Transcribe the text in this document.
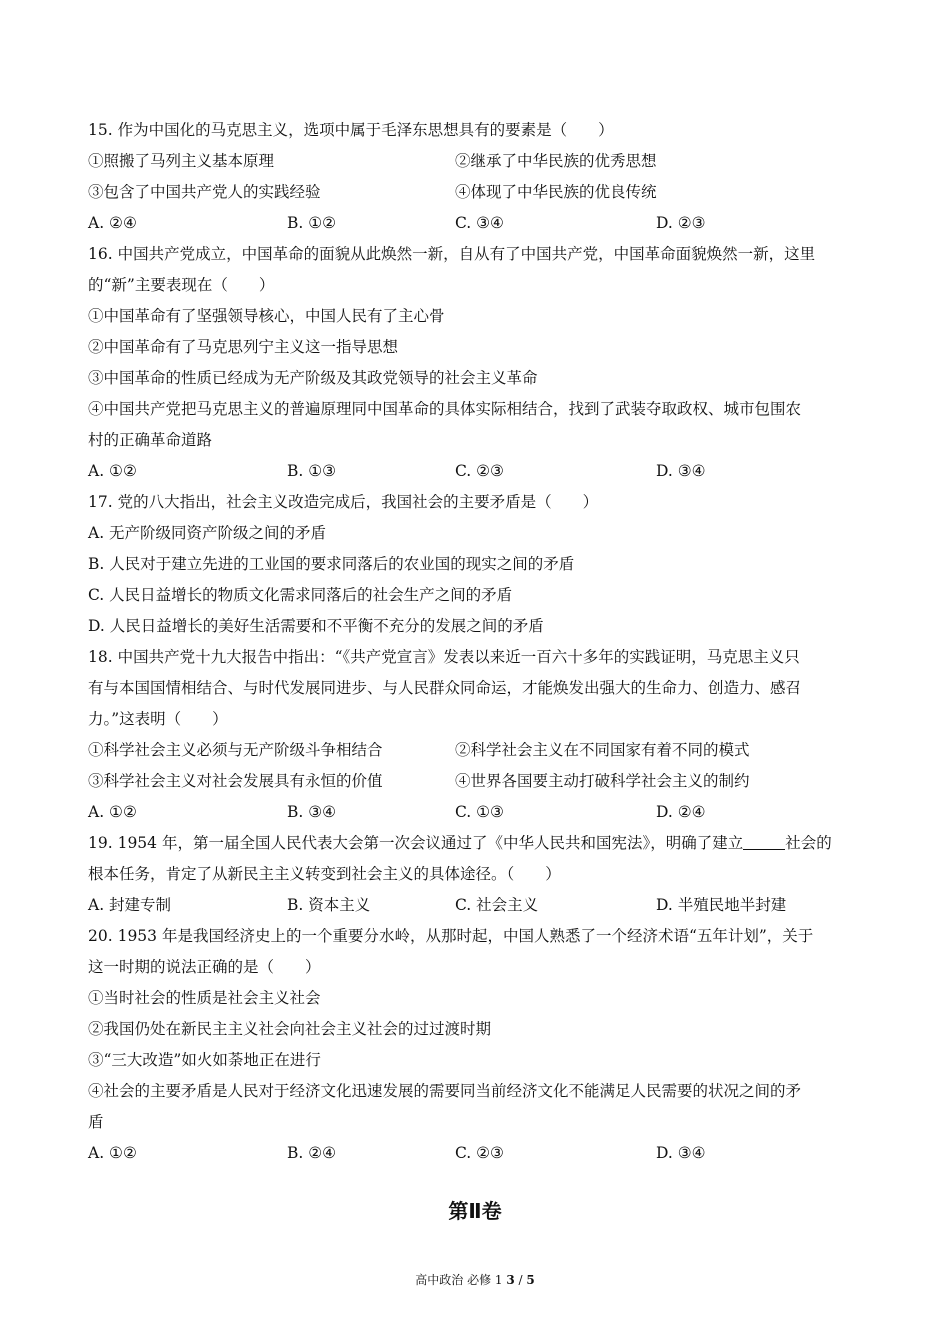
15. 作为中国化的马克思主义，选项中属于毛泽东思想具有的要素是（　　）
①照搬了马列主义基本原理	②继承了中华民族的优秀思想
③包含了中国共产党人的实践经验	④体现了中华民族的优良传统
A. ②④	B. ①②	C. ③④	D. ②③
16. 中国共产党成立，中国革命的面貌从此焕然一新，自从有了中国共产党，中国革命面貌焕然一新，这里
的“新”主要表现在（　　）
①中国革命有了坚强领导核心，中国人民有了主心骨
②中国革命有了马克思列宁主义这一指导思想
③中国革命的性质已经成为无产阶级及其政党领导的社会主义革命
④中国共产党把马克思主义的普遍原理同中国革命的具体实际相结合，找到了武装夺取政权、城市包围农
村的正确革命道路
A. ①②	B. ①③	C. ②③	D. ③④
17. 党的八大指出，社会主义改造完成后，我国社会的主要矛盾是（　　）
A. 无产阶级同资产阶级之间的矛盾
B. 人民对于建立先进的工业国的要求同落后的农业国的现实之间的矛盾
C. 人民日益增长的物质文化需求同落后的社会生产之间的矛盾
D. 人民日益增长的美好生活需要和不平衡不充分的发展之间的矛盾
18. 中国共产党十九大报告中指出：“《共产党宣言》发表以来近一百六十多年的实践证明，马克思主义只
有与本国国情相结合、与时代发展同进步、与人民群众同命运，才能焕发出强大的生命力、创造力、感召
力。”这表明（　　）
①科学社会主义必须与无产阶级斗争相结合	②科学社会主义在不同国家有着不同的模式
③科学社会主义对社会发展具有永恒的价值	④世界各国要主动打破科学社会主义的制约
A. ①②	B. ③④	C. ①③	D. ②④
19. 1954 年，第一届全国人民代表大会第一次会议通过了《中华人民共和国宪法》，明确了建立	社会的
根本任务，肯定了从新民主主义转变到社会主义的具体途径。（　　）
A. 封建专制	B. 资本主义	C. 社会主义	D. 半殖民地半封建
20. 1953 年是我国经济史上的一个重要分水岭，从那时起，中国人熟悉了一个经济术语“五年计划”，关于
这一时期的说法正确的是（　　）
①当时社会的性质是社会主义社会
②我国仍处在新民主主义社会向社会主义社会的过过渡时期
③“三大改造”如火如荼地正在进行
④社会的主要矛盾是人民对于经济文化迅速发展的需要同当前经济文化不能满足人民需要的状况之间的矛
盾
A. ①②	B. ②④	C. ②③	D. ③④
第Ⅱ卷
高中政治 必修 1 3 / 5
